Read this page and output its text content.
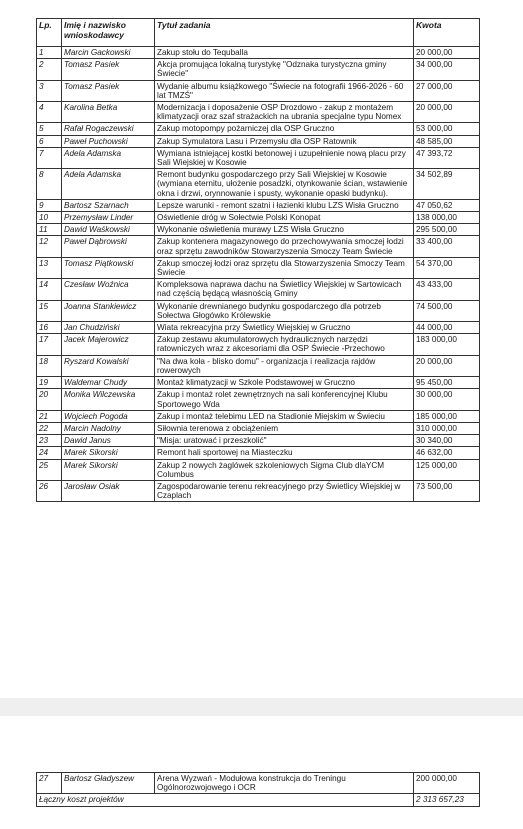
Lp.	Imię i nazwisko wnioskodawcy	Tytuł zadania	Kwota
1	Marcin Gackowski	Zakup stołu do Tequballa	20 000,00
2	Tomasz Pasiek	Akcja promująca lokalną turystykę "Odznaka turystyczna gminy Świecie"	34 000,00
3	Tomasz Pasiek	Wydanie albumu książkowego "Świecie na fotografii 1966-2026 - 60 lat TMZŚ"	27 000,00
4	Karolina Betka	Modernizacja i doposażenie OSP Drozdowo - zakup z montażem klimatyzacji oraz szaf strażackich na ubrania specjalne typu Nomex	20 000,00
5	Rafał Rogaczewski	Zakup motopompy pożarniczej dla OSP Gruczno	53 000,00
6	Paweł Puchowski	Zakup Symulatora Lasu i Przemysłu dla OSP Ratownik	48 585,00
7	Adela Adamska	Wymiana istniejącej kostki betonowej i uzupełnienie nową placu przy Sali Wiejskiej w Kosowie	47 393,72
8	Adela Adamska	Remont budynku gospodarczego przy Sali Wiejskiej w Kosowie (wymiana eternitu, ułożenie posadzki, otynkowanie ścian, wstawienie okna i drzwi, orynnowanie i spusty, wykonanie opaski budynku).	34 502,89
9	Bartosz Szarnach	Lepsze warunki - remont szatni i łazienki klubu LZS Wisła Gruczno	47 050,62
10	Przemysław Linder	Oświetlenie dróg w Sołectwie Polski Konopat	138 000,00
11	Dawid Waśkowski	Wykonanie oświetlenia murawy LZS Wisła Gruczno	295 500,00
12	Paweł Dąbrowski	Zakup kontenera magazynowego do przechowywania smoczej łodzi oraz sprzętu zawodników Stowarzyszenia Smoczy Team Świecie	33 400,00
13	Tomasz Piątkowski	Zakup smoczej łodzi oraz sprzętu dla Stowarzyszenia Smoczy Team Świecie	54 370,00
14	Czesław Woźnica	Kompleksowa naprawa dachu na Świetlicy Wiejskiej w Sartowicach nad częścią będącą własnością Gminy	43 433,00
15	Joanna Stankiewicz	Wykonanie drewnianego budynku gospodarczego dla potrzeb Sołectwa Głogówko Królewskie	74 500,00
16	Jan Chudziński	Wiata rekreacyjna przy Świetlicy Wiejskiej w Gruczno	44 000,00
17	Jacek Majerowicz	Zakup zestawu akumulatorowych hydraulicznych narzędzi ratowniczych wraz z akcesoriami dla OSP Świecie -Przechowo	183 000,00
18	Ryszard Kowalski	"Na dwa koła - blisko domu" - organizacja i realizacja rajdów rowerowych	20 000,00
19	Waldemar Chudy	Montaż klimatyzacji w Szkole Podstawowej w Gruczno	95 450,00
20	Monika Wilczewska	Zakup i montaż rolet zewnętrznych na sali konferencyjnej Klubu Sportowego Wda	30 000,00
21	Wojciech Pogoda	Zakup i montaż telebimu LED na Stadionie Miejskim w Świeciu	185 000,00
22	Marcin Nadolny	Siłownia terenowa z obciążeniem	310 000,00
23	Dawid Janus	"Misja: uratować i przeszkolić"	30 340,00
24	Marek Sikorski	Remont hali sportowej na Miasteczku	46 632,00
25	Marek Sikorski	Zakup 2 nowych żaglówek szkoleniowych Sigma Club dlaYCM Columbus	125 000,00
26	Jarosław Osiak	Zagospodarowanie terenu rekreacyjnego przy Świetlicy Wiejskiej w Czaplach	73 500,00
27	Bartosz Gładyszew	Arena Wyzwań - Modułowa konstrukcja do Treningu Ogólnorozwojowego i OCR	200 000,00
Łączny koszt projektów			2 313 657,23
